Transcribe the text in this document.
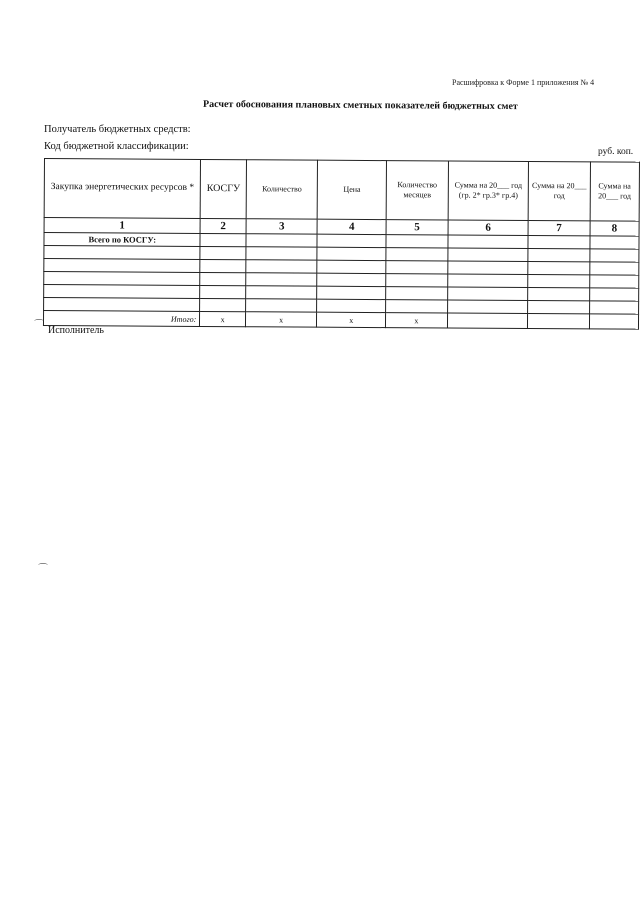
Расшифровка к Форме 1 приложения № 4
Расчет обоснования плановых сметных показателей бюджетных смет
Получатель бюджетных средств:
Код бюджетной классификации:	руб. коп.
Закупка энергетических ресурсов *	КОСГУ	Количество	Цена	Количество месяцев	Сумма на 20___ год (гр. 2* гр.3* гр.4)	Сумма на 20___ год	Сумма на 20___ год
1	2	3	4	5	6	7	8
Всего по КОСГУ:							

Итого:	x	x	x	x			
⌒ Исполнитель
⌒
